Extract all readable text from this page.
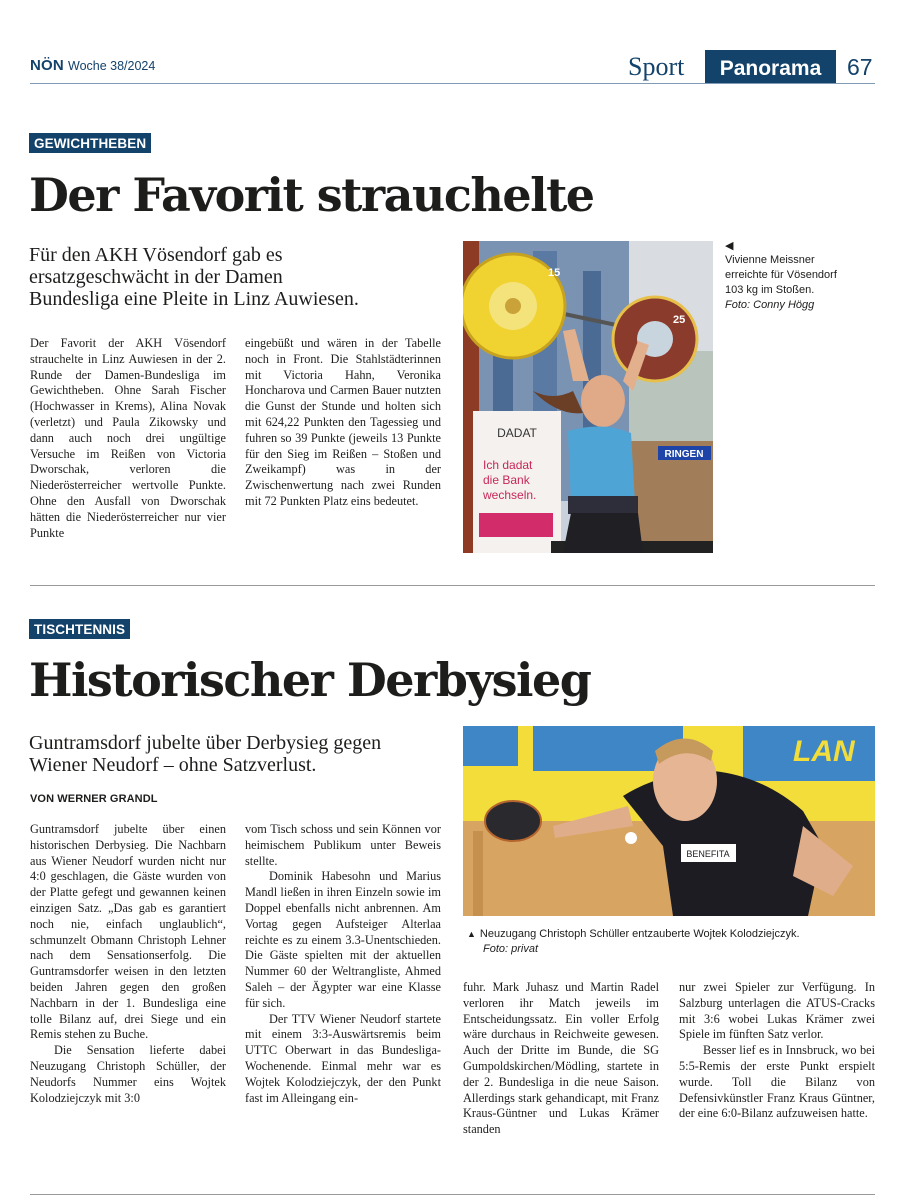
NÖN Woche 38/2024	Sport	Panorama	67
GEWICHTHEBEN
Der Favorit strauchelte
Für den AKH Vösendorf gab es
ersatzgeschwächt in der Damen
Bundesliga eine Pleite in Linz Auwiesen.

Der Favorit der AKH Vösendorf strauchelte in Linz Auwiesen in der 2. Runde der Damen-Bundesliga im Gewichtheben. Ohne Sarah Fischer (Hochwasser in Krems), Alina Novak (verletzt) und Paula Zikowsky und dann auch noch drei ungültige Versuche im Reißen von Victoria Dworschak, verloren die Niederösterreicher wertvolle Punkte. Ohne den Ausfall von Dworschak hätten die Niederösterreicher nur vier Punkte

eingebüßt und wären in der Tabelle noch in Front. Die Stahlstädterinnen mit Victoria Hahn, Veronika Honcharova und Carmen Bauer nutzten die Gunst der Stunde und holten sich mit 624,22 Punkten den Tagessieg und fuhren so 39 Punkte (jeweils 13 Punkte für den Sieg im Reißen – Stoßen und Zweikampf) was in der Zwischenwertung nach zwei Runden mit 72 Punkten Platz eins bedeutet.

RINGEN
DADAT
Ich dadat
die Bank
wechseln.
15
25
◀
Vivienne Meissner
erreichte für Vösendorf
103 kg im Stoßen.
Foto: Conny Högg
TISCHTENNIS
Historischer Derbysieg
Guntramsdorf jubelte über Derbysieg gegen
Wiener Neudorf – ohne Satzverlust.
VON WERNER GRANDL

Guntramsdorf jubelte über einen historischen Derbysieg. Die Nachbarn aus Wiener Neudorf wurden nicht nur 4:0 geschlagen, die Gäste wurden von der Platte gefegt und gewannen keinen einzigen Satz. „Das gab es garantiert noch nie, einfach unglaublich“, schmunzelt Obmann Christoph Lehner nach dem Sensationserfolg. Die Guntramsdorfer weisen in den letzten beiden Jahren gegen den großen Nachbarn in der 1. Bundesliga eine tolle Bilanz auf, drei Siege und ein Remis stehen zu Buche.

Die Sensation lieferte dabei Neuzugang Christoph Schüller, der Neudorfs Nummer eins Wojtek Kolodziejczyk mit 3:0

vom Tisch schoss und sein Können vor heimischem Publikum unter Beweis stellte.

Dominik Habesohn und Marius Mandl ließen in ihren Einzeln sowie im Doppel ebenfalls nicht anbrennen. Am Vortag gegen Aufsteiger Alterlaa reichte es zu einem 3.3-Unentschieden. Die Gäste spielten mit der aktuellen Nummer 60 der Weltrangliste, Ahmed Saleh – der Ägypter war eine Klasse für sich.

Der TTV Wiener Neudorf startete mit einem 3:3-Auswärtsremis beim UTTC Oberwart in das Bundesliga-Wochenende. Einmal mehr war es Wojtek Kolodziejczyk, der den Punkt fast im Alleingang ein-

fuhr. Mark Juhasz und Martin Radel verloren ihr Match jeweils im Entscheidungssatz. Ein voller Erfolg wäre durchaus in Reichweite gewesen. Auch der Dritte im Bunde, die SG Gumpoldskirchen/Mödling, startete in der 2. Bundesliga in die neue Saison. Allerdings stark gehandicapt, mit Franz Kraus-Güntner und Lukas Krämer standen

nur zwei Spieler zur Verfügung. In Salzburg unterlagen die ATUS-Cracks mit 3:6 wobei Lukas Krämer zwei Spiele im fünften Satz verlor.

Besser lief es in Innsbruck, wo bei 5:5-Remis der erste Punkt erspielt wurde. Toll die Bilanz von Defensivkünstler Franz Kraus Güntner, der eine 6:0-Bilanz aufzuweisen hatte.

LAN
BENEFITA
▲ Neuzugang Christoph Schüller entzauberte Wojtek Kolodziejczyk.
Foto: privat
